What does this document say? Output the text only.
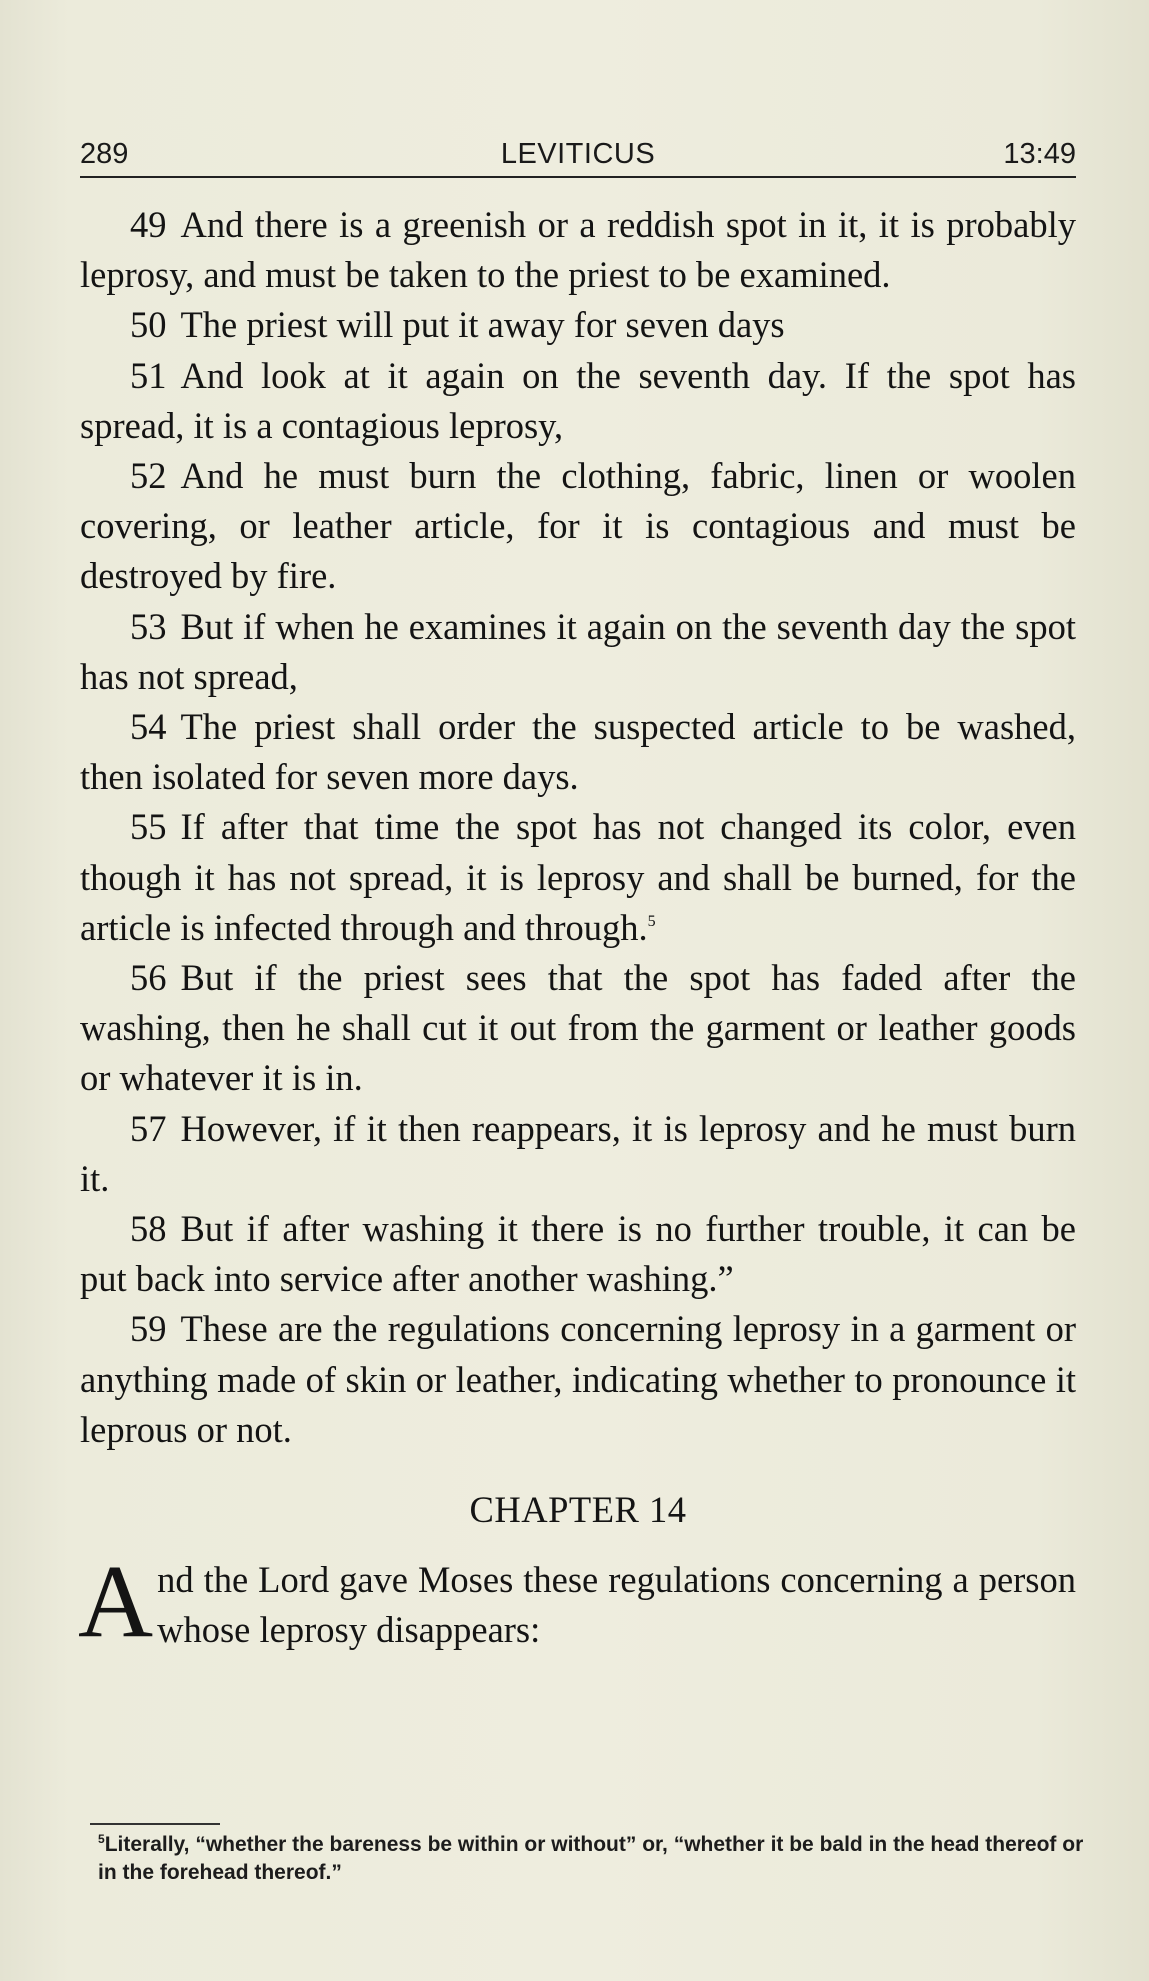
289	LEVITICUS	13:49

49 And there is a greenish or a reddish spot in it, it is probably leprosy, and must be taken to the priest to be examined.

50 The priest will put it away for seven days

51 And look at it again on the seventh day. If the spot has spread, it is a contagious leprosy,

52 And he must burn the clothing, fabric, linen or woolen covering, or leather article, for it is contagious and must be destroyed by fire.

53 But if when he examines it again on the seventh day the spot has not spread,

54 The priest shall order the suspected article to be washed, then isolated for seven more days.

55 If after that time the spot has not changed its color, even though it has not spread, it is leprosy and shall be burned, for the article is infected through and through.$^5$

56 But if the priest sees that the spot has faded after the washing, then he shall cut it out from the garment or leather goods or whatever it is in.

57 However, if it then reappears, it is leprosy and he must burn it.

58 But if after washing it there is no further trouble, it can be put back into service after another washing.”

59 These are the regulations concerning leprosy in a garment or anything made of skin or leather, indicating whether to pronounce it leprous or not.

CHAPTER 14

And the Lord gave Moses these regulations concerning a person whose leprosy disappears:

$^5$Literally, “whether the bareness be within or without” or, “whether it be bald in the head thereof or in the forehead thereof.”
